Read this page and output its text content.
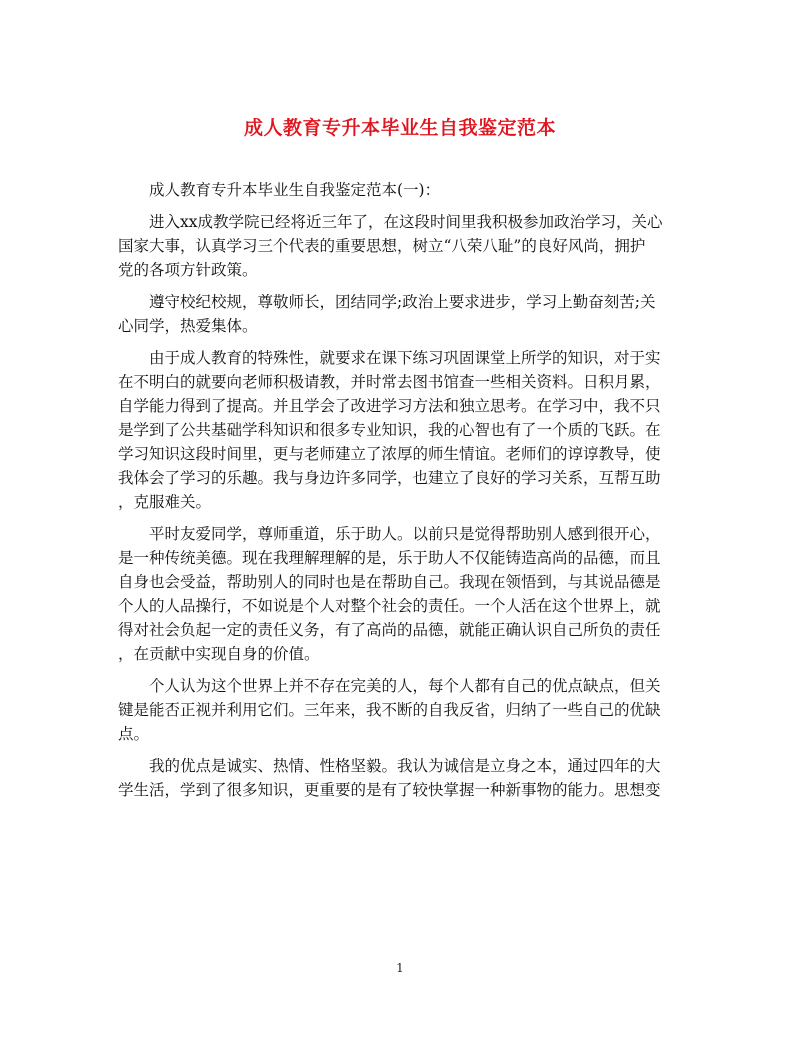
成人教育专升本毕业生自我鉴定范本
成人教育专升本毕业生自我鉴定范本(一)：
进入xx成教学院已经将近三年了，在这段时间里我积极参加政治学习，关心
国家大事，认真学习三个代表的重要思想，树立“八荣八耻”的良好风尚，拥护
党的各项方针政策。
遵守校纪校规，尊敬师长，团结同学;政治上要求进步，学习上勤奋刻苦;关
心同学，热爱集体。
由于成人教育的特殊性，就要求在课下练习巩固课堂上所学的知识，对于实
在不明白的就要向老师积极请教，并时常去图书馆查一些相关资料。日积月累，
自学能力得到了提高。并且学会了改进学习方法和独立思考。在学习中，我不只
是学到了公共基础学科知识和很多专业知识，我的心智也有了一个质的飞跃。在
学习知识这段时间里，更与老师建立了浓厚的师生情谊。老师们的谆谆教导，使
我体会了学习的乐趣。我与身边许多同学，也建立了良好的学习关系，互帮互助
，克服难关。
平时友爱同学，尊师重道，乐于助人。以前只是觉得帮助别人感到很开心，
是一种传统美德。现在我理解理解的是，乐于助人不仅能铸造高尚的品德，而且
自身也会受益，帮助别人的同时也是在帮助自己。我现在领悟到，与其说品德是
个人的人品操行，不如说是个人对整个社会的责任。一个人活在这个世界上，就
得对社会负起一定的责任义务，有了高尚的品德，就能正确认识自己所负的责任
，在贡献中实现自身的价值。
个人认为这个世界上并不存在完美的人，每个人都有自己的优点缺点，但关
键是能否正视并利用它们。三年来，我不断的自我反省，归纳了一些自己的优缺
点。
我的优点是诚实、热情、性格坚毅。我认为诚信是立身之本，通过四年的大
学生活，学到了很多知识，更重要的是有了较快掌握一种新事物的能力。思想变
1
